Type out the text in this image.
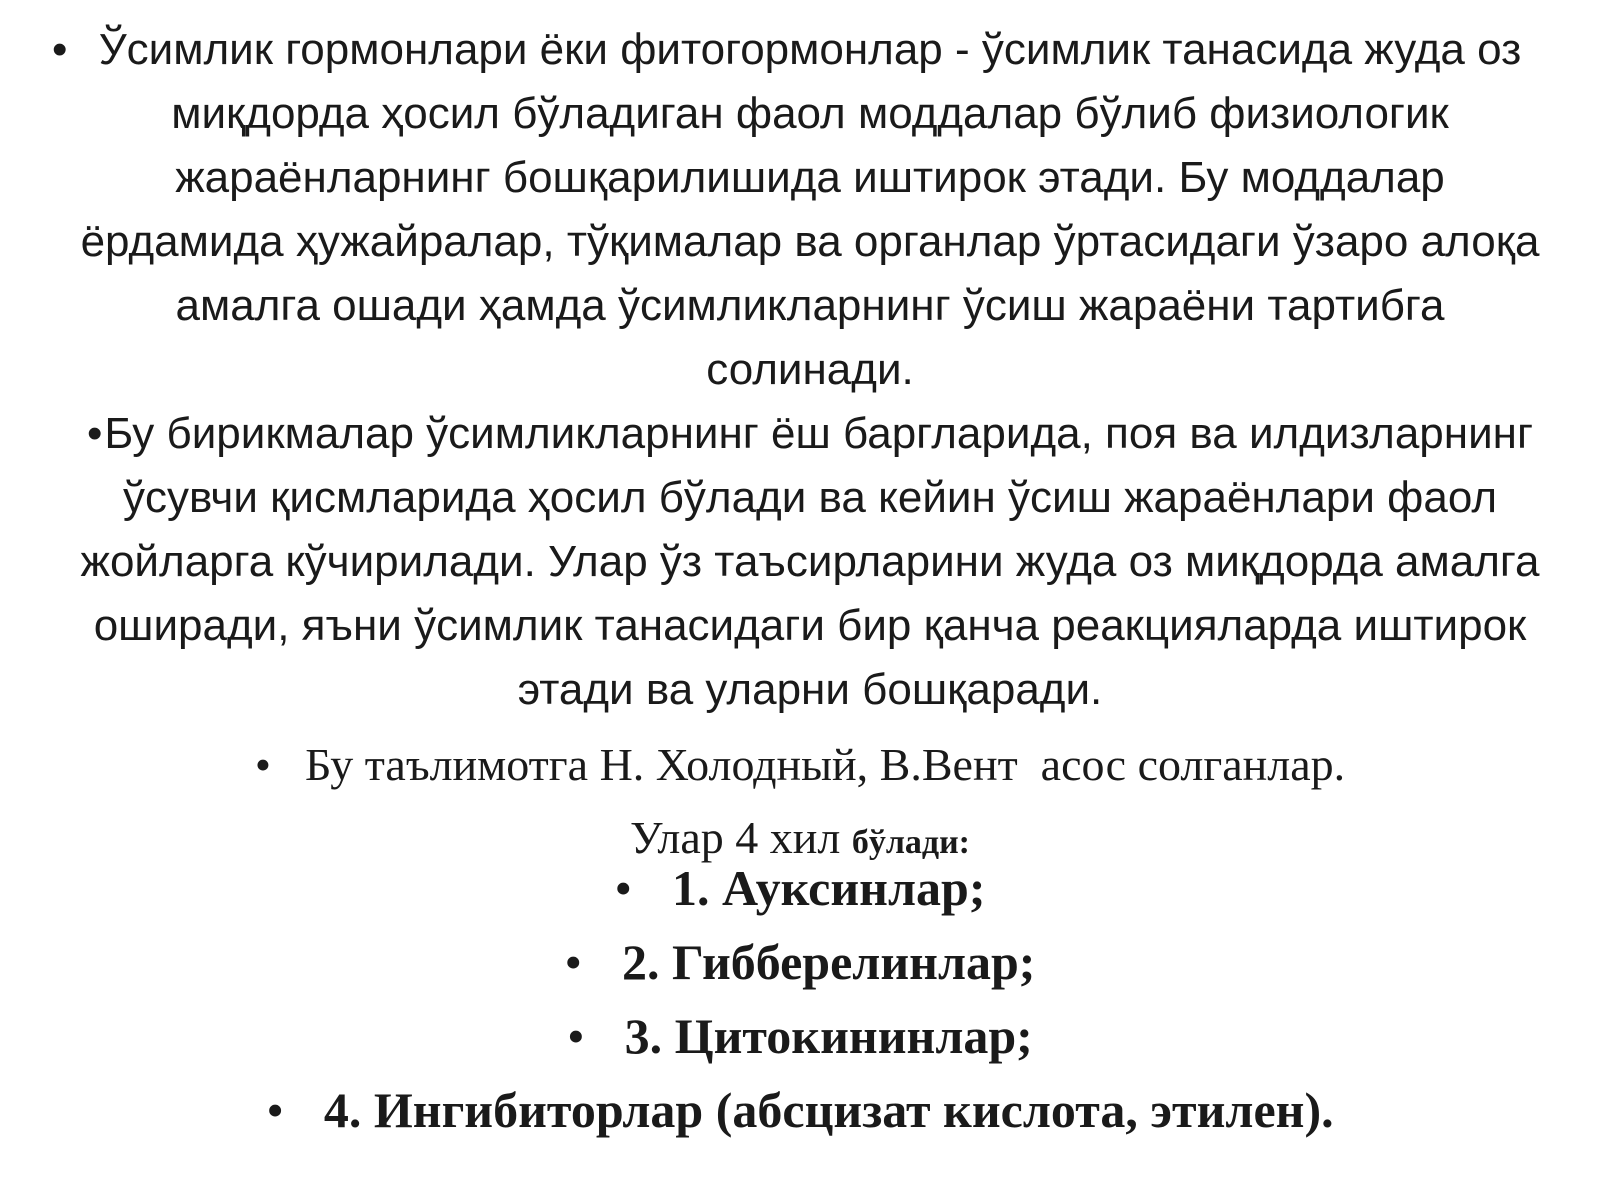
• Ўсимлик гормонлари ёки фитогормонлар - ўсимлик танасида жуда оз миқдорда ҳосил бўладиган фаол моддалар бўлиб физиологик жараёнларнинг бошқарилишида иштирок этади. Бу моддалар ёрдамида ҳужайралар, тўқималар ва органлар ўртасидаги ўзаро алоқа амалга ошади ҳамда ўсимликларнинг ўсиш жараёни тартибга солинади.

•Бу бирикмалар ўсимликларнинг ёш баргларида, поя ва илдизларнинг ўсувчи қисмларида ҳосил бўлади ва кейин ўсиш жараёнлари фаол жойларга кўчирилади. Улар ўз таъсирларини жуда оз миқдорда амалга оширади, яъни ўсимлик танасидаги бир қанча реакцияларда иштирок этади ва уларни бошқаради.

• Бу таълимотга Н. Холодный, В.Вент  асос солганлар.
Улар 4 хил бўлади:
• 1. Ауксинлар;
• 2. Гибберелинлар;
• 3. Цитокининлар;
• 4. Ингибиторлар (абсцизат кислота, этилен).
